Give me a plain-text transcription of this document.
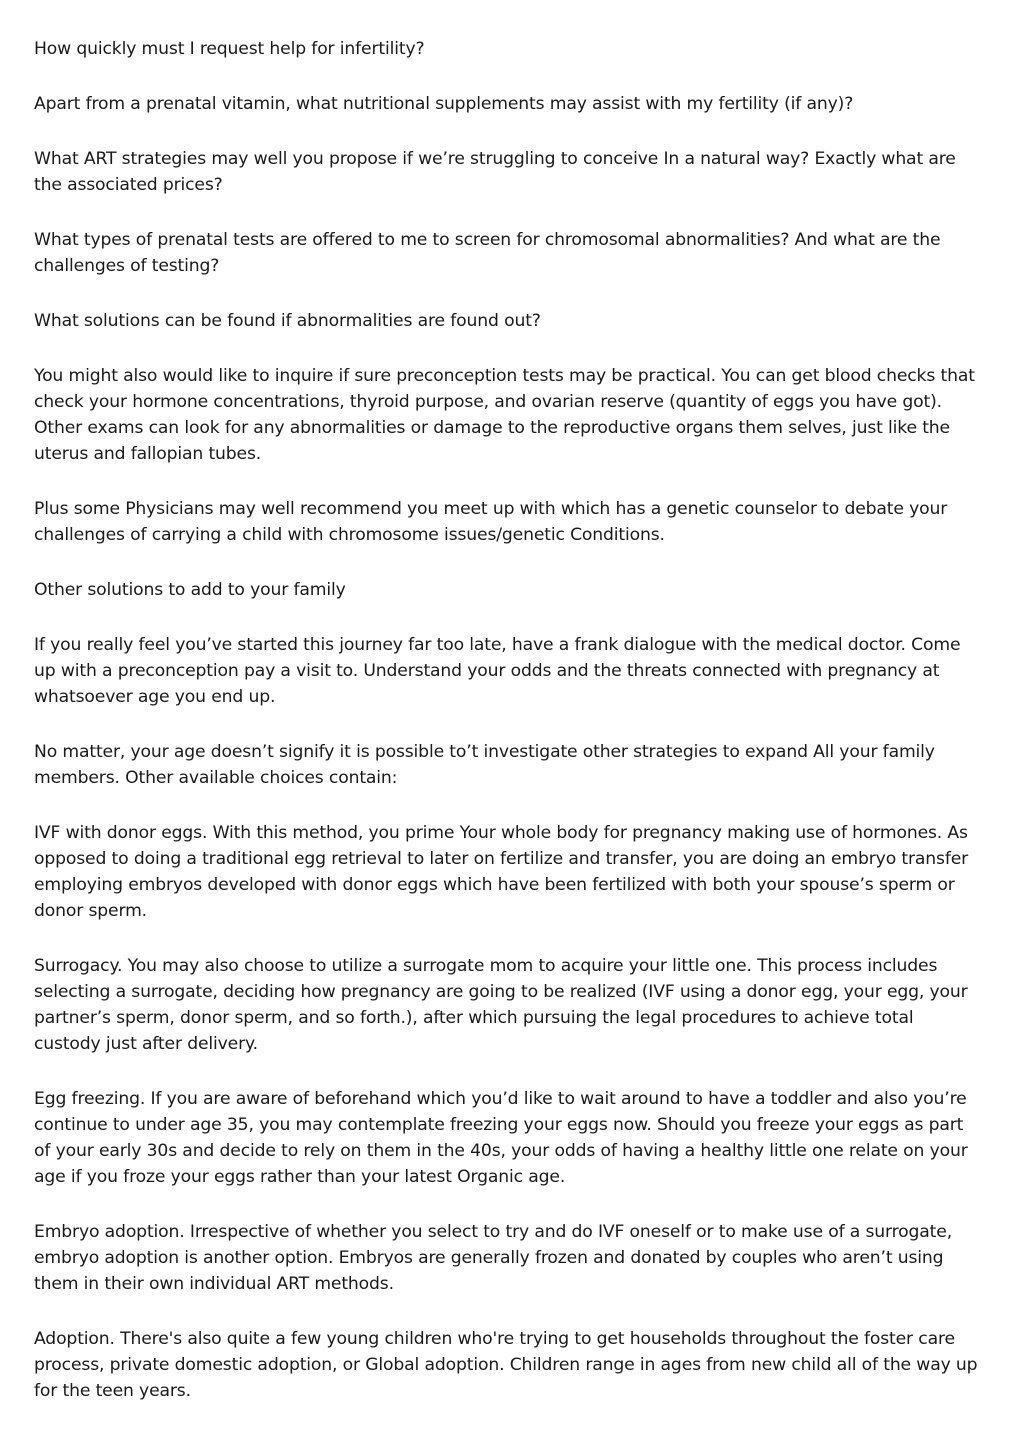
How quickly must I request help for infertility?

Apart from a prenatal vitamin, what nutritional supplements may assist with my fertility (if any)?

What ART strategies may well you propose if we’re struggling to conceive In a natural way? Exactly what are the associated prices?

What types of prenatal tests are offered to me to screen for chromosomal abnormalities? And what are the challenges of testing?

What solutions can be found if abnormalities are found out?

You might also would like to inquire if sure preconception tests may be practical. You can get blood checks that check your hormone concentrations, thyroid purpose, and ovarian reserve (quantity of eggs you have got). Other exams can look for any abnormalities or damage to the reproductive organs them selves, just like the uterus and fallopian tubes.

Plus some Physicians may well recommend you meet up with which has a genetic counselor to debate your challenges of carrying a child with chromosome issues/genetic Conditions.

Other solutions to add to your family

If you really feel you’ve started this journey far too late, have a frank dialogue with the medical doctor. Come up with a preconception pay a visit to. Understand your odds and the threats connected with pregnancy at whatsoever age you end up.

No matter, your age doesn’t signify it is possible to’t investigate other strategies to expand All your family members. Other available choices contain:

IVF with donor eggs. With this method, you prime Your whole body for pregnancy making use of hormones. As opposed to doing a traditional egg retrieval to later on fertilize and transfer, you are doing an embryo transfer employing embryos developed with donor eggs which have been fertilized with both your spouse’s sperm or donor sperm.

Surrogacy. You may also choose to utilize a surrogate mom to acquire your little one. This process includes selecting a surrogate, deciding how pregnancy are going to be realized (IVF using a donor egg, your egg, your partner’s sperm, donor sperm, and so forth.), after which pursuing the legal procedures to achieve total custody just after delivery.

Egg freezing. If you are aware of beforehand which you’d like to wait around to have a toddler and also you’re continue to under age 35, you may contemplate freezing your eggs now. Should you freeze your eggs as part of your early 30s and decide to rely on them in the 40s, your odds of having a healthy little one relate on your age if you froze your eggs rather than your latest Organic age.

Embryo adoption. Irrespective of whether you select to try and do IVF oneself or to make use of a surrogate, embryo adoption is another option. Embryos are generally frozen and donated by couples who aren’t using them in their own individual ART methods.

Adoption. There's also quite a few young children who're trying to get households throughout the foster care process, private domestic adoption, or Global adoption. Children range in ages from new child all of the way up for the teen years.
